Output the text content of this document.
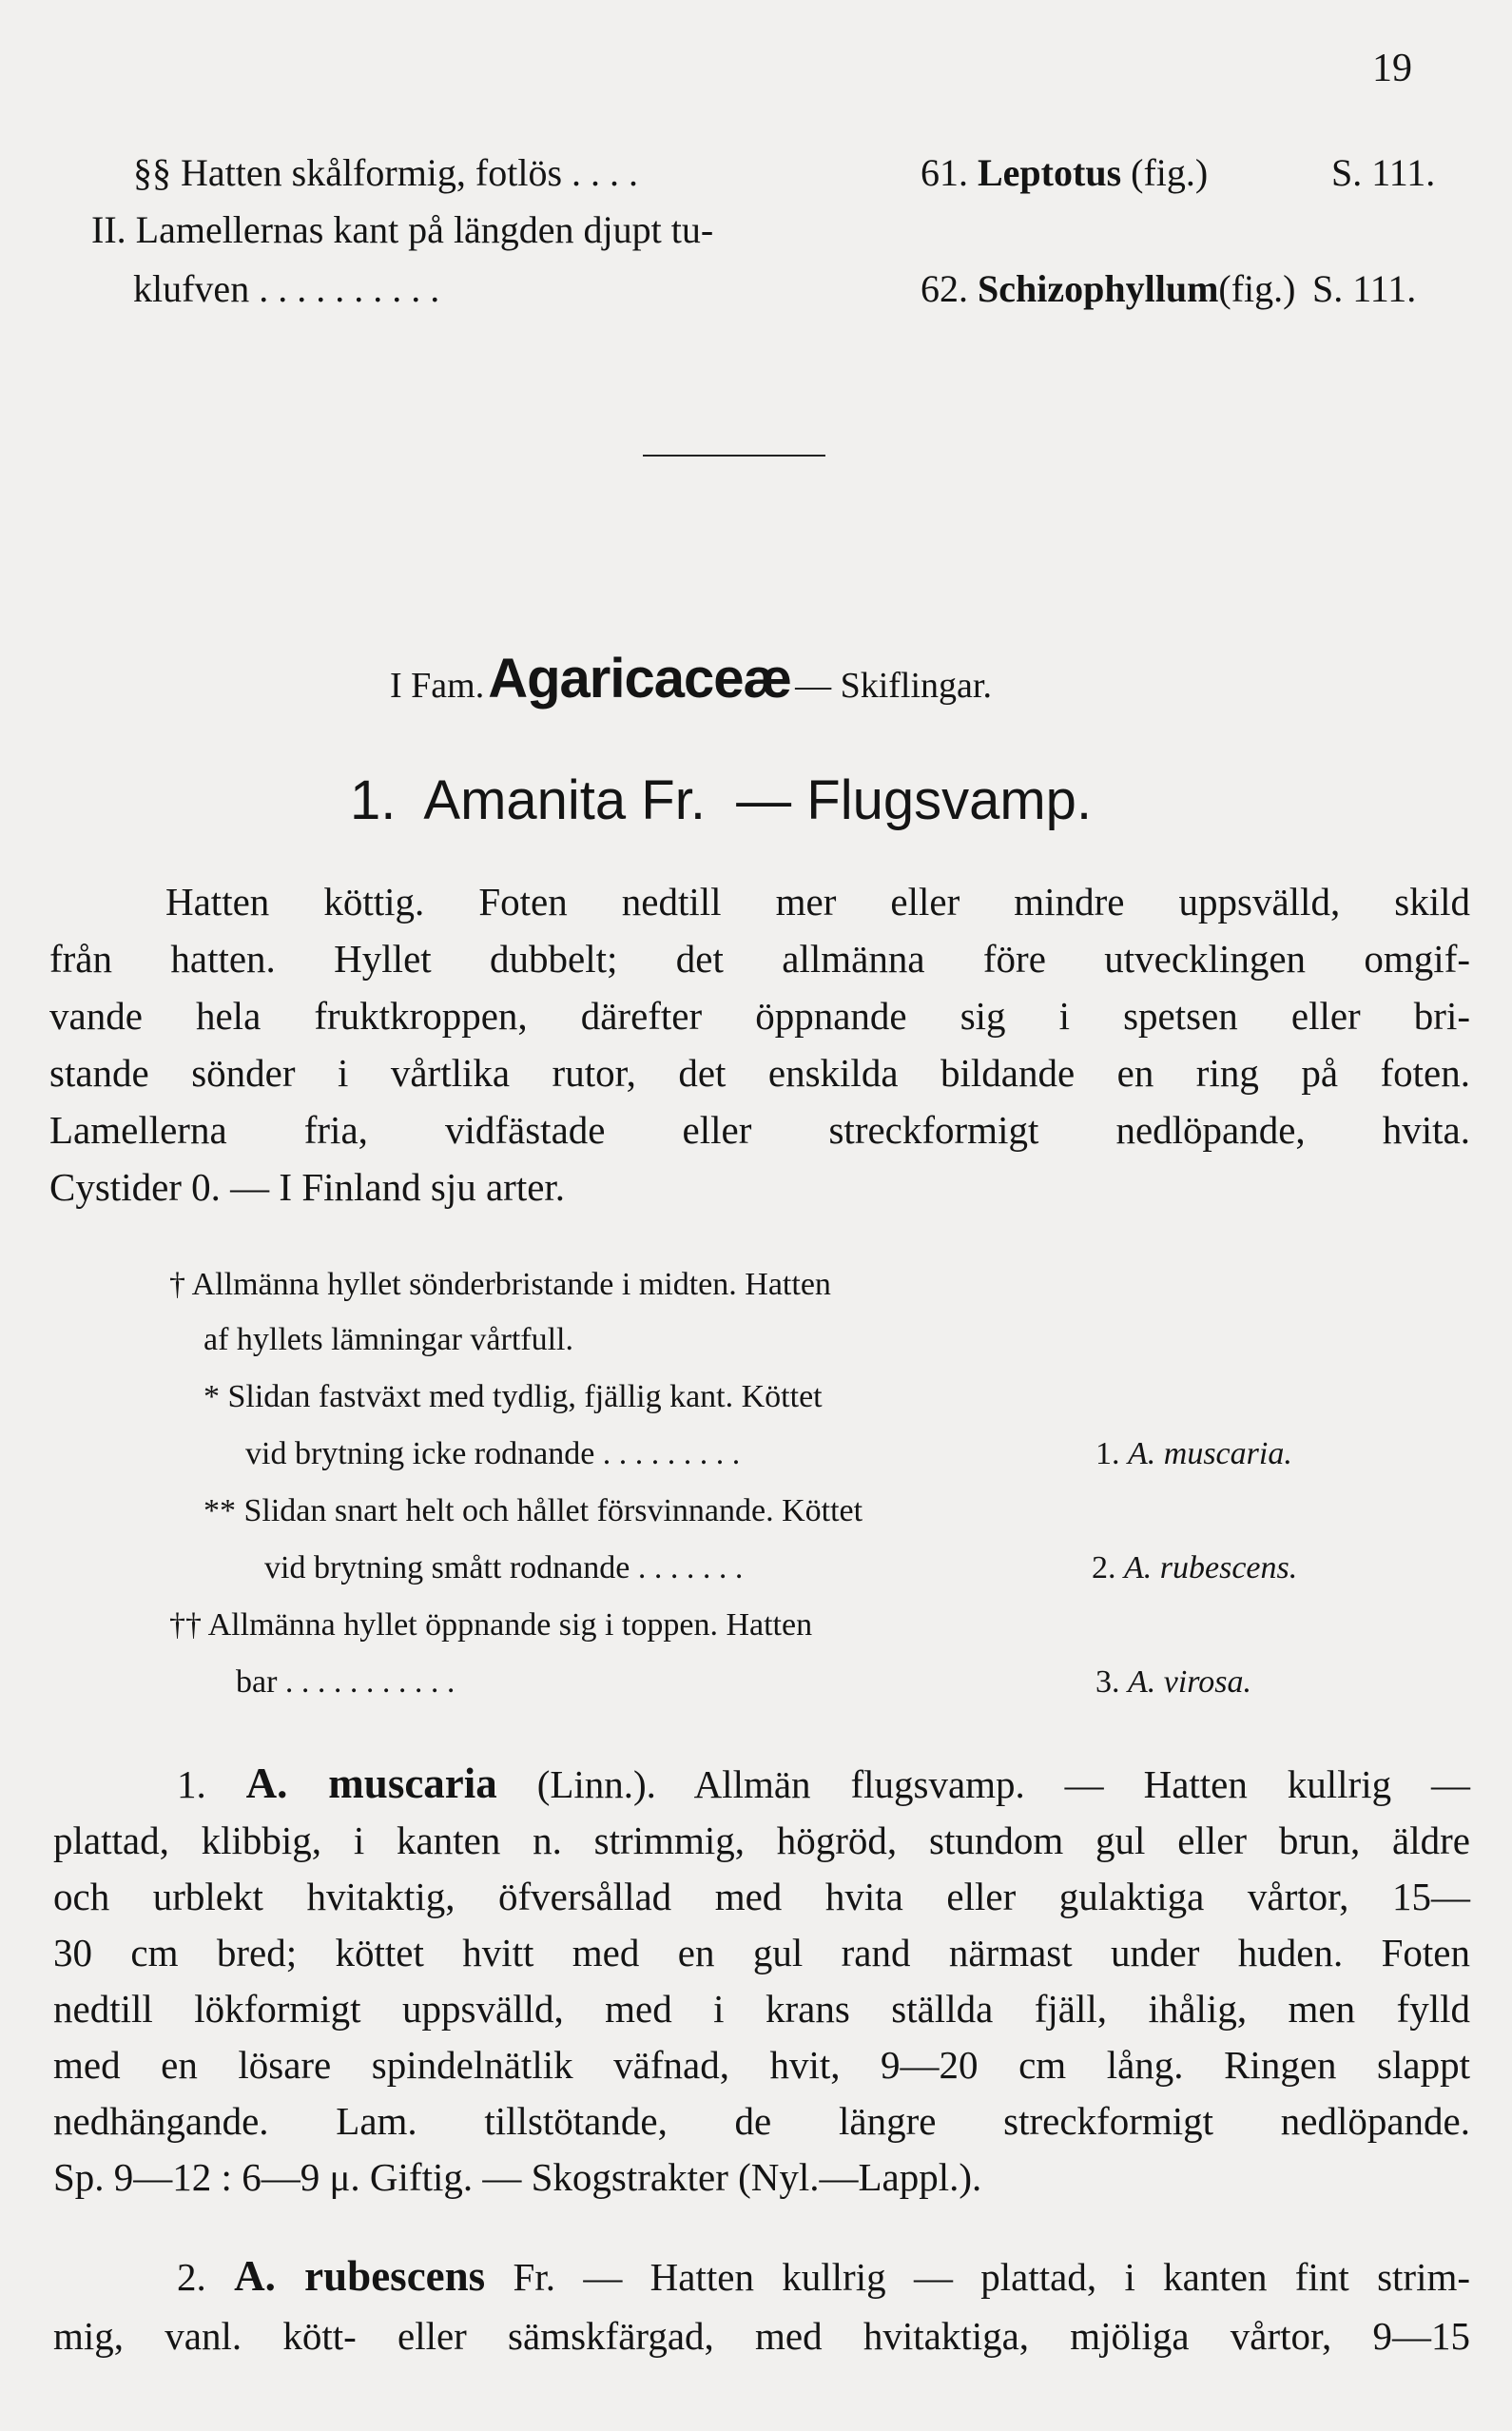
19
§§ Hatten skålformig, fotlös . . . .	61. Leptotus (fig.)	S. 111.
II. Lamellernas kant på längden djupt tu-
klufven . . . . . . . . . .	62. Schizophyllum(fig.) S. 111.
I Fam. Agaricaceæ — Skiflingar.
1.  Amanita Fr.  — Flugsvamp.
Hatten köttig. Foten nedtill mer eller mindre uppsvälld, skild
från hatten. Hyllet dubbelt; det allmänna före utvecklingen omgif-
vande hela fruktkroppen, därefter öppnande sig i spetsen eller bri-
stande sönder i vårtlika rutor, det enskilda bildande en ring på foten.
Lamellerna fria, vidfästade eller streckformigt nedlöpande, hvita.
Cystider 0. — I Finland sju arter.
† Allmänna hyllet sönderbristande i midten. Hatten
af hyllets lämningar vårtfull.
* Slidan fastväxt med tydlig, fjällig kant. Köttet
vid brytning icke rodnande . . . . . . . . .	1. A. muscaria.
** Slidan snart helt och hållet försvinnande. Köttet
vid brytning smått rodnande . . . . . . .	2. A. rubescens.
†† Allmänna hyllet öppnande sig i toppen. Hatten
bar . . . . . . . . . . .	3. A. virosa.
1. A. muscaria (Linn.). Allmän flugsvamp. — Hatten kullrig —
plattad, klibbig, i kanten n. strimmig, högröd, stundom gul eller brun, äldre
och urblekt hvitaktig, öfversållad med hvita eller gulaktiga vårtor, 15—
30 cm bred; köttet hvitt med en gul rand närmast under huden. Foten
nedtill lökformigt uppsvälld, med i krans ställda fjäll, ihålig, men fylld
med en lösare spindelnätlik väfnad, hvit, 9—20 cm lång. Ringen slappt
nedhängande. Lam. tillstötande, de längre streckformigt nedlöpande.
Sp. 9—12 : 6—9 μ. Giftig. — Skogstrakter (Nyl.—Lappl.).
2. A. rubescens Fr. — Hatten kullrig — plattad, i kanten fint strim-
mig, vanl. kött- eller sämskfärgad, med hvitaktiga, mjöliga vårtor, 9—15
